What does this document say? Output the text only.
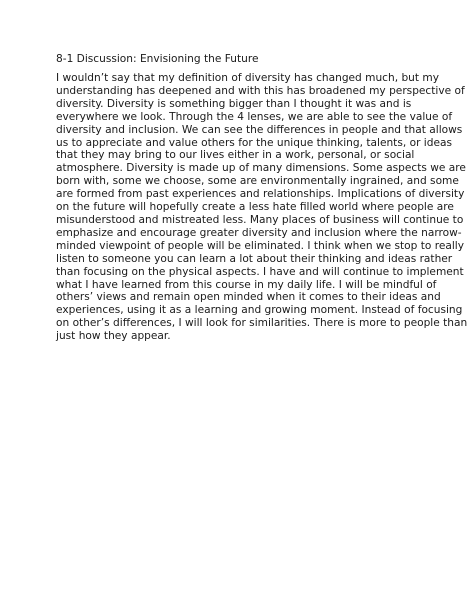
8-1 Discussion: Envisioning the Future

I wouldn’t say that my definition of diversity has changed much, but my
understanding has deepened and with this has broadened my perspective of
diversity. Diversity is something bigger than I thought it was and is
everywhere we look. Through the 4 lenses, we are able to see the value of
diversity and inclusion. We can see the differences in people and that allows
us to appreciate and value others for the unique thinking, talents, or ideas
that they may bring to our lives either in a work, personal, or social
atmosphere. Diversity is made up of many dimensions. Some aspects we are
born with, some we choose, some are environmentally ingrained, and some
are formed from past experiences and relationships. Implications of diversity
on the future will hopefully create a less hate filled world where people are
misunderstood and mistreated less. Many places of business will continue to
emphasize and encourage greater diversity and inclusion where the narrow-
minded viewpoint of people will be eliminated. I think when we stop to really
listen to someone you can learn a lot about their thinking and ideas rather
than focusing on the physical aspects. I have and will continue to implement
what I have learned from this course in my daily life. I will be mindful of
others’ views and remain open minded when it comes to their ideas and
experiences, using it as a learning and growing moment. Instead of focusing
on other’s differences, I will look for similarities. There is more to people than
just how they appear.
